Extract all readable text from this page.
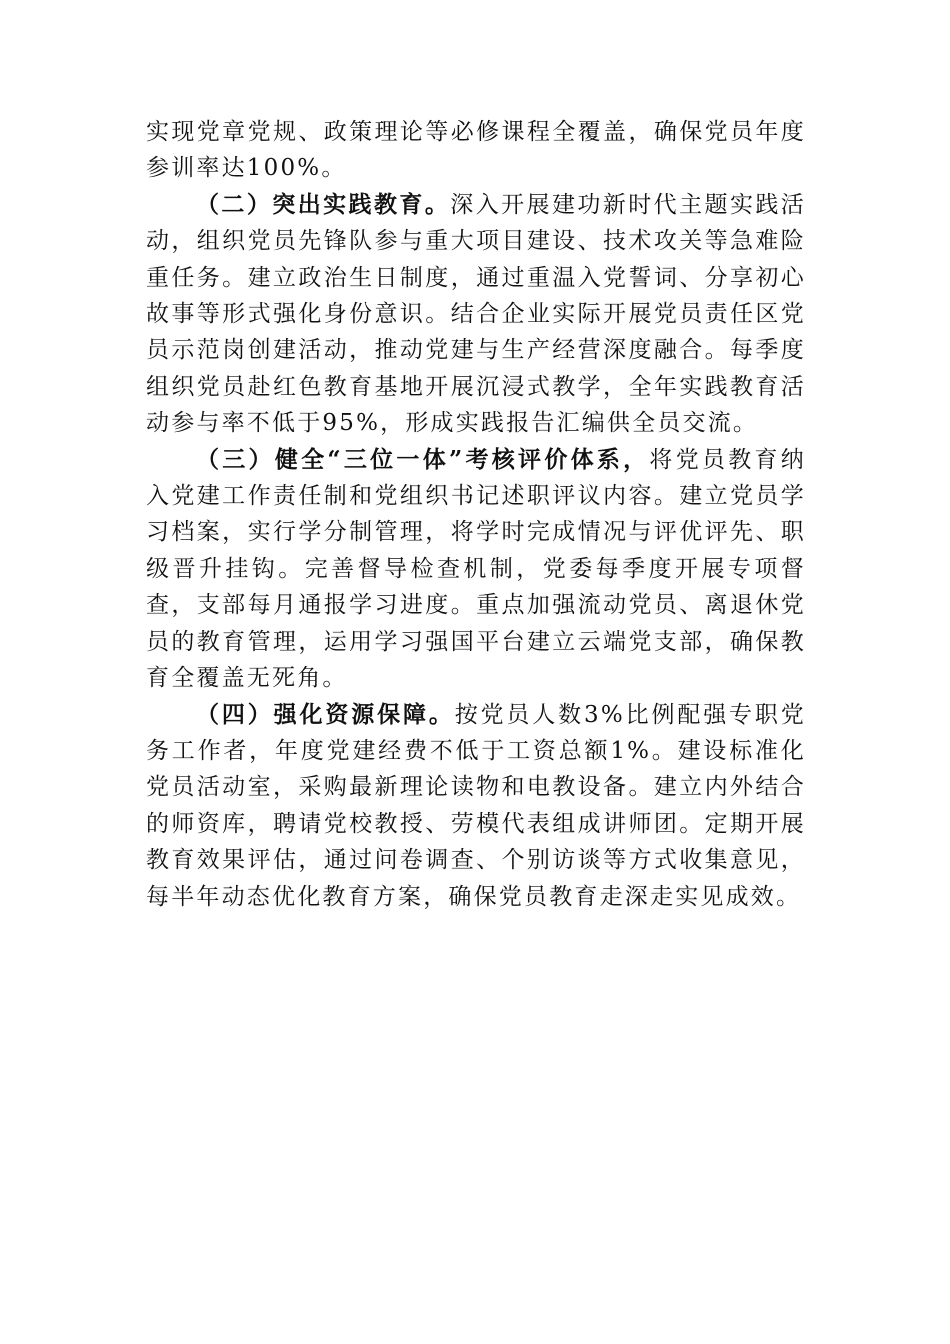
实现党章党规、政策理论等必修课程全覆盖，确保党员年度参训率达100%。

（二）突出实践教育。深入开展建功新时代主题实践活动，组织党员先锋队参与重大项目建设、技术攻关等急难险重任务。建立政治生日制度，通过重温入党誓词、分享初心故事等形式强化身份意识。结合企业实际开展党员责任区党员示范岗创建活动，推动党建与生产经营深度融合。每季度组织党员赴红色教育基地开展沉浸式教学，全年实践教育活动参与率不低于95%，形成实践报告汇编供全员交流。

（三）健全“三位一体”考核评价体系，将党员教育纳入党建工作责任制和党组织书记述职评议内容。建立党员学习档案，实行学分制管理，将学时完成情况与评优评先、职级晋升挂钩。完善督导检查机制，党委每季度开展专项督查，支部每月通报学习进度。重点加强流动党员、离退休党员的教育管理，运用学习强国平台建立云端党支部，确保教育全覆盖无死角。

（四）强化资源保障。按党员人数3%比例配强专职党务工作者，年度党建经费不低于工资总额1%。建设标准化党员活动室，采购最新理论读物和电教设备。建立内外结合的师资库，聘请党校教授、劳模代表组成讲师团。定期开展教育效果评估，通过问卷调查、个别访谈等方式收集意见，每半年动态优化教育方案，确保党员教育走深走实见成效。
